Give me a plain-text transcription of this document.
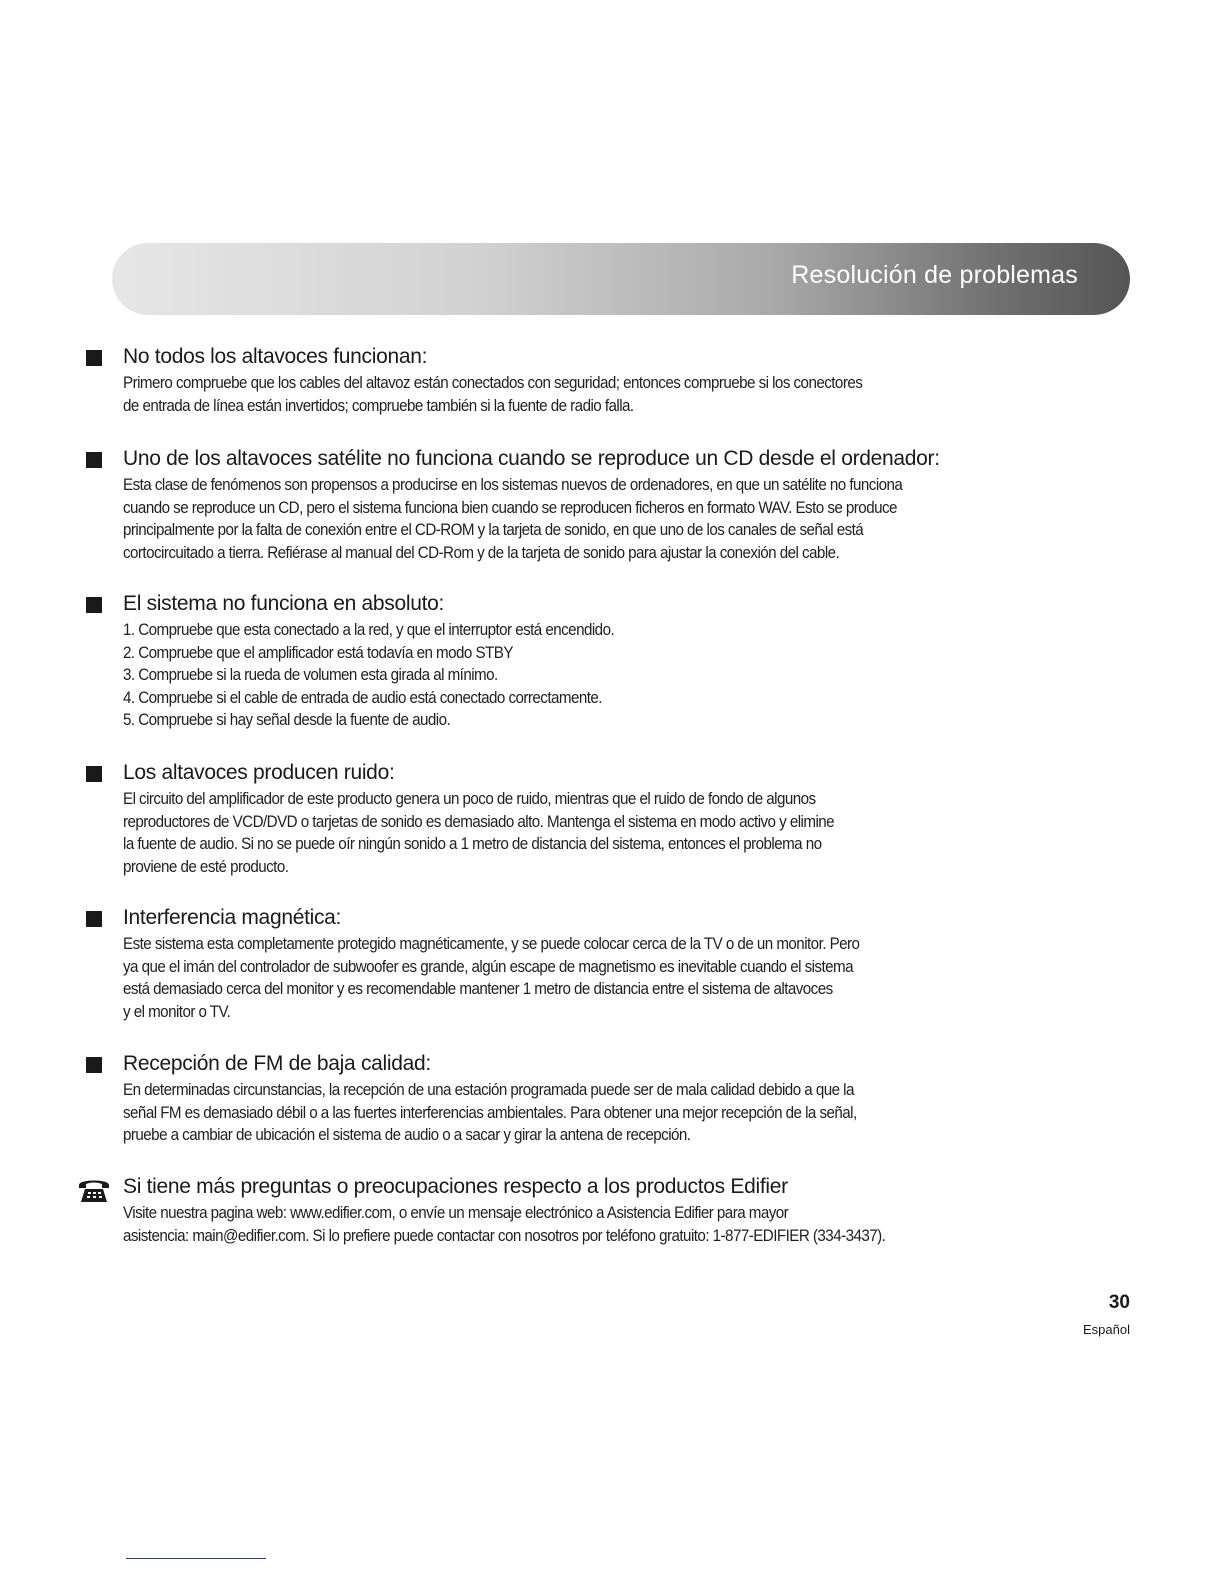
Resolución de problemas
No todos los altavoces funcionan:
Primero compruebe que los cables del altavoz están conectados con seguridad; entonces compruebe si los conectores
de entrada de línea están invertidos; compruebe también si la fuente de radio falla.
Uno de los altavoces satélite no funciona cuando se reproduce un CD desde el ordenador:
Esta clase de fenómenos son propensos a producirse en los sistemas nuevos de ordenadores, en que un satélite no funciona
cuando se reproduce un CD, pero el sistema funciona bien cuando se reproducen ficheros en formato WAV. Esto se produce
principalmente por la falta de conexión entre el CD-ROM y la tarjeta de sonido, en que uno de los canales de señal está
cortocircuitado a tierra. Refiérase al manual del CD-Rom y de la tarjeta de sonido para ajustar la conexión del cable.
El sistema no funciona en absoluto:
1. Compruebe que esta conectado a la red, y que el interruptor está encendido.
2. Compruebe que el amplificador está todavía en modo STBY
3. Compruebe si la rueda de volumen esta girada al mínimo.
4. Compruebe si el cable de entrada de audio está conectado correctamente.
5. Compruebe si hay señal desde la fuente de audio.
Los altavoces producen ruido:
El circuito del amplificador de este producto genera un poco de ruido, mientras que el ruido de fondo de algunos
reproductores de VCD/DVD o tarjetas de sonido es demasiado alto. Mantenga el sistema en modo activo y elimine
la fuente de audio. Si no se puede oír ningún sonido a 1 metro de distancia del sistema, entonces el problema no
proviene de esté producto.
Interferencia magnética:
Este sistema esta completamente protegido magnéticamente, y se puede colocar cerca de la TV o de un monitor. Pero
ya que el imán del controlador de subwoofer es grande, algún escape de magnetismo es inevitable cuando el sistema
está demasiado cerca del monitor y es recomendable mantener 1 metro de distancia entre el sistema de altavoces
y el monitor o TV.
Recepción de FM de baja calidad:
En determinadas circunstancias, la recepción de una estación programada puede ser de mala calidad debido a que la
señal FM es demasiado débil o a las fuertes interferencias ambientales. Para obtener una mejor recepción de la señal,
pruebe a cambiar de ubicación el sistema de audio o a sacar y girar la antena de recepción.
Si tiene más preguntas o preocupaciones respecto a los productos Edifier
Visite nuestra pagina web: www.edifier.com, o envíe un mensaje electrónico a Asistencia Edifier para mayor
asistencia: main@edifier.com. Si lo prefiere puede contactar con nosotros por teléfono gratuito: 1-877-EDIFIER (334-3437).
30
Español
